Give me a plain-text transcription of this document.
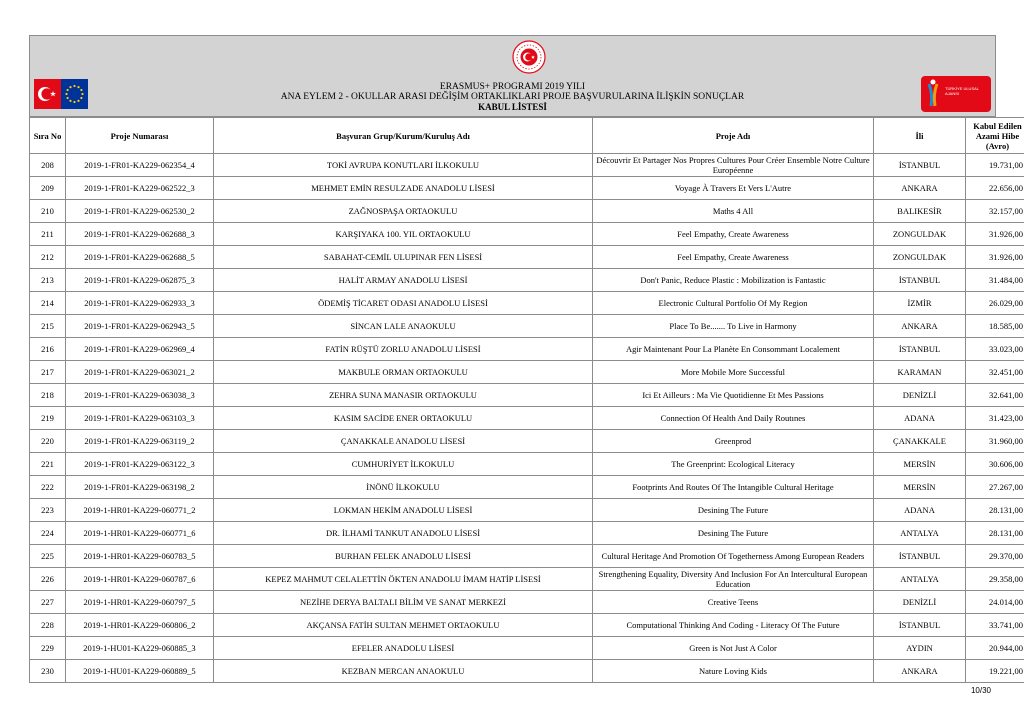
TÜRKİYE ULUSAL AJANSI
ERASMUS+ PROGRAMI 2019 YILI
ANA EYLEM 2 - OKULLAR ARASI DEĞİŞİM ORTAKLIKLARI PROJE BAŞVURULARINA İLİŞKİN SONUÇLAR
KABUL LİSTESİ
Sıra No	Proje Numarası	Başvuran Grup/Kurum/Kuruluş Adı	Proje Adı	İli	Kabul Edilen Azami Hibe (Avro)
208	2019-1-FR01-KA229-062354_4	TOKİ AVRUPA KONUTLARI İLKOKULU	Découvrir Et Partager Nos Propres Cultures Pour Créer Ensemble Notre Culture Européenne	İSTANBUL	19.731,00
209	2019-1-FR01-KA229-062522_3	MEHMET EMİN RESULZADE ANADOLU LİSESİ	Voyage À Travers Et Vers L'Autre	ANKARA	22.656,00
210	2019-1-FR01-KA229-062530_2	ZAĞNOSPAŞA ORTAOKULU	Maths 4 All	BALIKESİR	32.157,00
211	2019-1-FR01-KA229-062688_3	KARŞIYAKA 100. YIL ORTAOKULU	Feel Empathy, Create Awareness	ZONGULDAK	31.926,00
212	2019-1-FR01-KA229-062688_5	SABAHAT-CEMİL ULUPINAR FEN LİSESİ	Feel Empathy, Create Awareness	ZONGULDAK	31.926,00
213	2019-1-FR01-KA229-062875_3	HALİT ARMAY ANADOLU LİSESİ	Don't Panic, Reduce Plastic : Mobilization is Fantastic	İSTANBUL	31.484,00
214	2019-1-FR01-KA229-062933_3	ÖDEMİŞ TİCARET ODASI ANADOLU LİSESİ	Electronic Cultural Portfolio Of My Region	İZMİR	26.029,00
215	2019-1-FR01-KA229-062943_5	SİNCAN LALE ANAOKULU	Place To Be....... To Live in Harmony	ANKARA	18.585,00
216	2019-1-FR01-KA229-062969_4	FATİN RÜŞTÜ ZORLU ANADOLU LİSESİ	Agir Maintenant Pour La Planète En Consommant Localement	İSTANBUL	33.023,00
217	2019-1-FR01-KA229-063021_2	MAKBULE ORMAN ORTAOKULU	More Mobile More Successful	KARAMAN	32.451,00
218	2019-1-FR01-KA229-063038_3	ZEHRA SUNA MANASIR ORTAOKULU	Ici Et Ailleurs : Ma Vie Quotidienne Et Mes Passions	DENİZLİ	32.641,00
219	2019-1-FR01-KA229-063103_3	KASIM SACİDE ENER ORTAOKULU	Connection Of Health And Daily Routınes	ADANA	31.423,00
220	2019-1-FR01-KA229-063119_2	ÇANAKKALE ANADOLU LİSESİ	Greenprod	ÇANAKKALE	31.960,00
221	2019-1-FR01-KA229-063122_3	CUMHURİYET İLKOKULU	The Greenprint: Ecological Literacy	MERSİN	30.606,00
222	2019-1-FR01-KA229-063198_2	İNÖNÜ İLKOKULU	Footprints And Routes Of The Intangible Cultural Heritage	MERSİN	27.267,00
223	2019-1-HR01-KA229-060771_2	LOKMAN HEKİM ANADOLU LİSESİ	Desining The Future	ADANA	28.131,00
224	2019-1-HR01-KA229-060771_6	DR. İLHAMİ TANKUT ANADOLU LİSESİ	Desining The Future	ANTALYA	28.131,00
225	2019-1-HR01-KA229-060783_5	BURHAN FELEK ANADOLU LİSESİ	Cultural Heritage And Promotion Of Togetherness Among European Readers	İSTANBUL	29.370,00
226	2019-1-HR01-KA229-060787_6	KEPEZ MAHMUT CELALETTİN ÖKTEN ANADOLU İMAM HATİP LİSESİ	Strengthening Equality, Diversity And Inclusion For An Intercultural European Education	ANTALYA	29.358,00
227	2019-1-HR01-KA229-060797_5	NEZİHE DERYA BALTALI BİLİM VE SANAT MERKEZİ	Creative Teens	DENİZLİ	24.014,00
228	2019-1-HR01-KA229-060806_2	AKÇANSA FATİH SULTAN MEHMET ORTAOKULU	Computational Thinking And Coding - Literacy Of The Future	İSTANBUL	33.741,00
229	2019-1-HU01-KA229-060885_3	EFELER ANADOLU LİSESİ	Green is Not Just A Color	AYDIN	20.944,00
230	2019-1-HU01-KA229-060889_5	KEZBAN MERCAN ANAOKULU	Nature Loving Kids	ANKARA	19.221,00
10/30
